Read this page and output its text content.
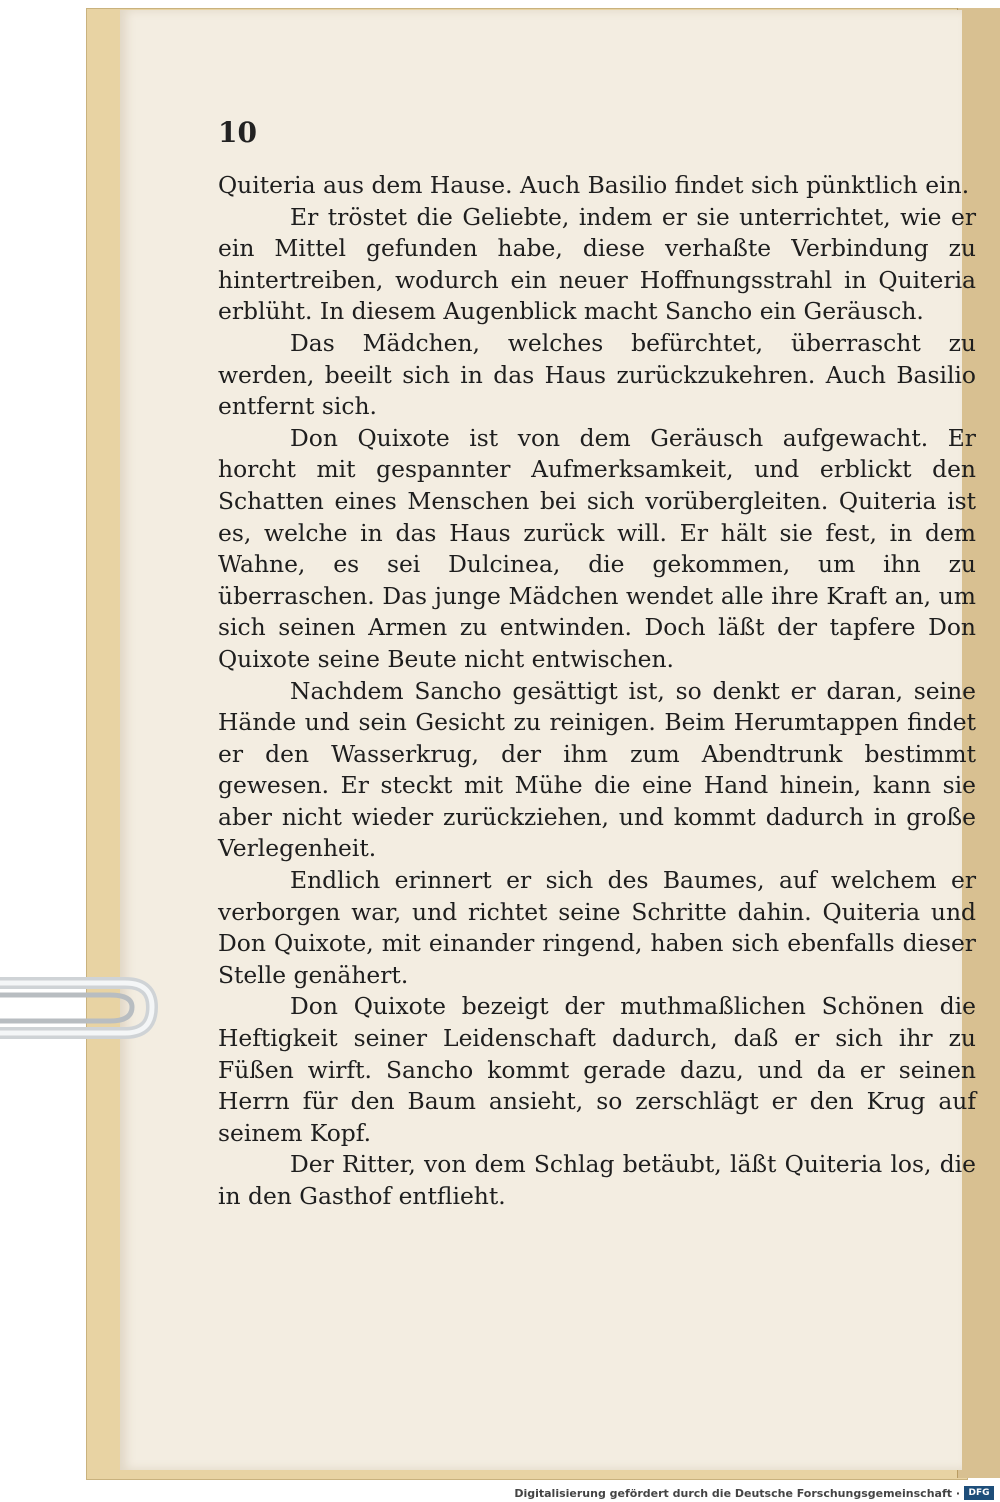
10

Quiteria aus dem Hause. Auch Basilio findet sich pünktlich ein.

Er tröstet die Geliebte, indem er sie unterrichtet, wie er ein Mittel gefunden habe, diese verhaßte Verbindung zu hintertreiben, wodurch ein neuer Hoffnungsstrahl in Quiteria erblüht. In diesem Augenblick macht Sancho ein Geräusch.

Das Mädchen, welches befürchtet, überrascht zu werden, beeilt sich in das Haus zurückzukehren. Auch Basilio entfernt sich.

Don Quixote ist von dem Geräusch aufgewacht. Er horcht mit gespannter Aufmerksamkeit, und erblickt den Schatten eines Menschen bei sich vorübergleiten. Quiteria ist es, welche in das Haus zurück will. Er hält sie fest, in dem Wahne, es sei Dulcinea, die gekommen, um ihn zu überraschen. Das junge Mädchen wendet alle ihre Kraft an, um sich seinen Armen zu entwinden. Doch läßt der tapfere Don Quixote seine Beute nicht entwischen.

Nachdem Sancho gesättigt ist, so denkt er daran, seine Hände und sein Gesicht zu reinigen. Beim Herumtappen findet er den Wasserkrug, der ihm zum Abendtrunk bestimmt gewesen. Er steckt mit Mühe die eine Hand hinein, kann sie aber nicht wieder zurückziehen, und kommt dadurch in große Verlegenheit.

Endlich erinnert er sich des Baumes, auf welchem er verborgen war, und richtet seine Schritte dahin. Quiteria und Don Quixote, mit einander ringend, haben sich ebenfalls dieser Stelle genähert.

Don Quixote bezeigt der muthmaßlichen Schönen die Heftigkeit seiner Leidenschaft dadurch, daß er sich ihr zu Füßen wirft. Sancho kommt gerade dazu, und da er seinen Herrn für den Baum ansieht, so zerschlägt er den Krug auf seinem Kopf.

Der Ritter, von dem Schlag betäubt, läßt Quiteria los, die in den Gasthof entflieht.

Digitalisierung gefördert durch die Deutsche Forschungsgemeinschaft · DFG
